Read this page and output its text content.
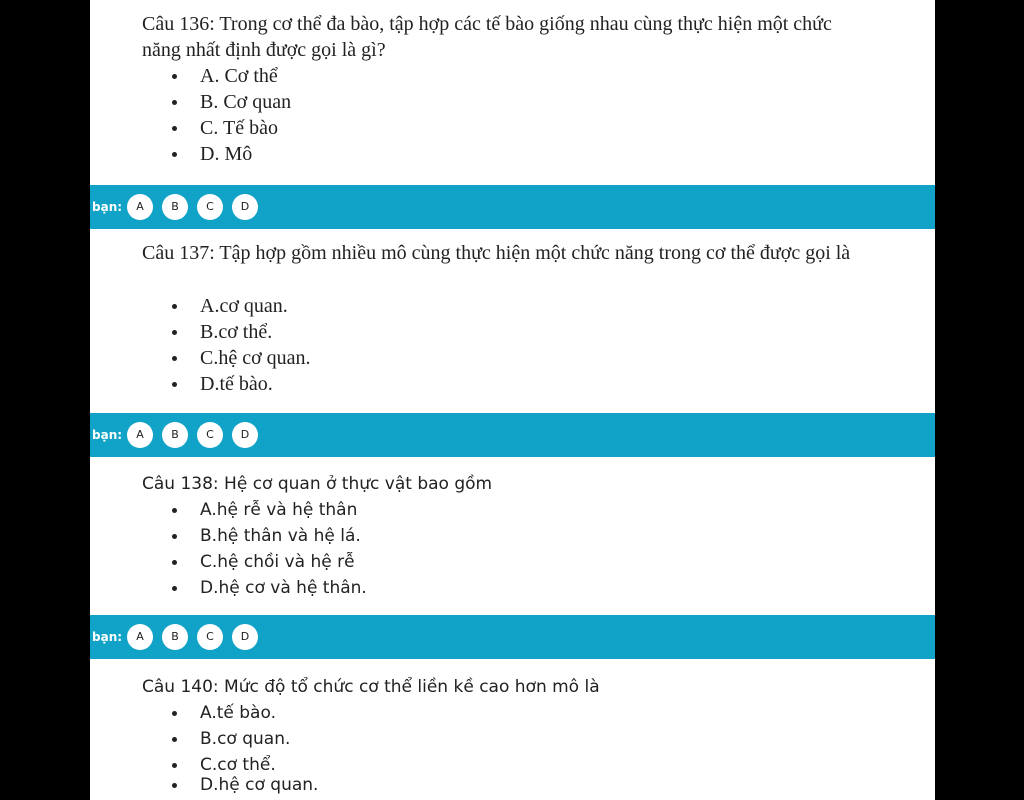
Câu 136: Trong cơ thể đa bào, tập hợp các tế bào giống nhau cùng thực hiện một chức năng nhất định được gọi là gì?
A. Cơ thể
B. Cơ quan
C. Tế bào
D. Mô
bạn:	A	B	C	D
Câu 137: Tập hợp gồm nhiều mô cùng thực hiện một chức năng trong cơ thể được gọi là
A.cơ quan.
B.cơ thể.
C.hệ cơ quan.
D.tế bào.
bạn:	A	B	C	D
Câu 138: Hệ cơ quan ở thực vật bao gồm
A.hệ rễ và hệ thân
B.hệ thân và hệ lá.
C.hệ chồi và hệ rễ
D.hệ cơ và hệ thân.
bạn:	A	B	C	D
Câu 140: Mức độ tổ chức cơ thể liền kề cao hơn mô là
A.tế bào.
B.cơ quan.
C.cơ thể.
D.hệ cơ quan.
